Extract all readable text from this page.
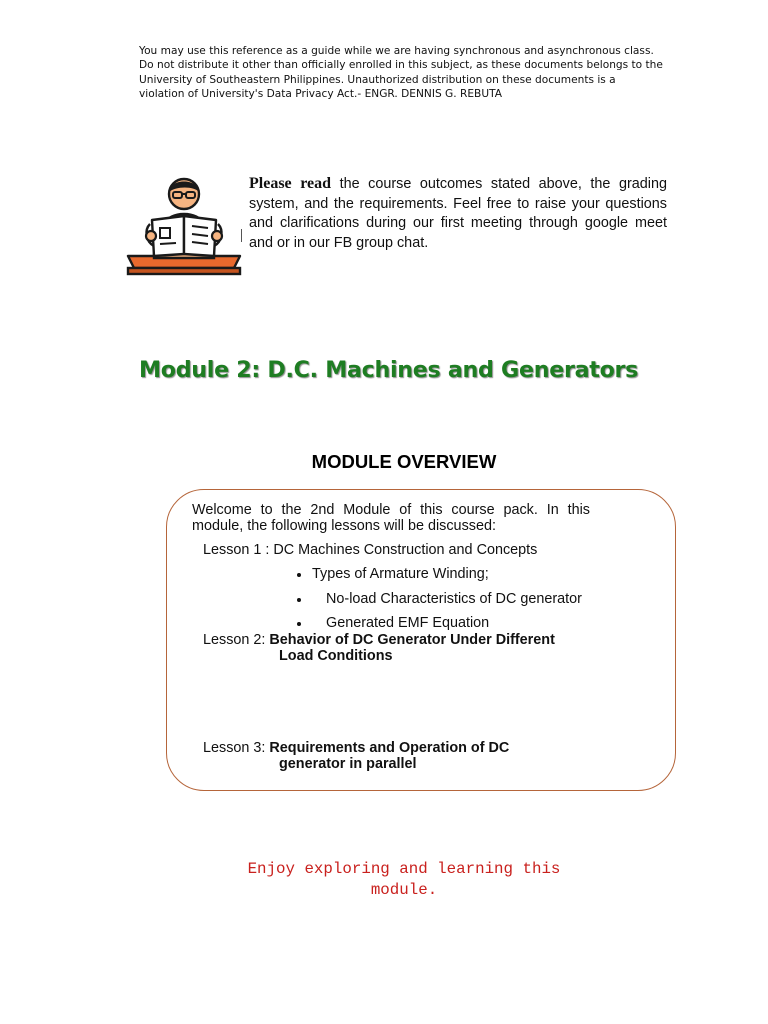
You may use this reference as a guide while we are having synchronous and asynchronous class. Do not distribute it other than officially enrolled in this subject, as these documents belongs to the University of Southeastern Philippines. Unauthorized distribution on these documents is a violation of University's Data Privacy Act.- ENGR. DENNIS G. REBUTA
Please read the course outcomes stated above, the grading system, and the requirements. Feel free to raise your questions and clarifications during our first meeting through google meet and or in our FB group chat.
Module 2: D.C. Machines and Generators
MODULE OVERVIEW
Welcome to the 2nd Module of this course pack. In this module, the following lessons will be discussed:
Lesson 1 : DC Machines Construction and Concepts
Types of Armature Winding;
No-load Characteristics of DC generator
Generated EMF Equation
Lesson 2: Behavior of DC Generator Under Different
Load Conditions
Lesson 3: Requirements and Operation of DC
generator in parallel
Enjoy exploring and learning this
module.
